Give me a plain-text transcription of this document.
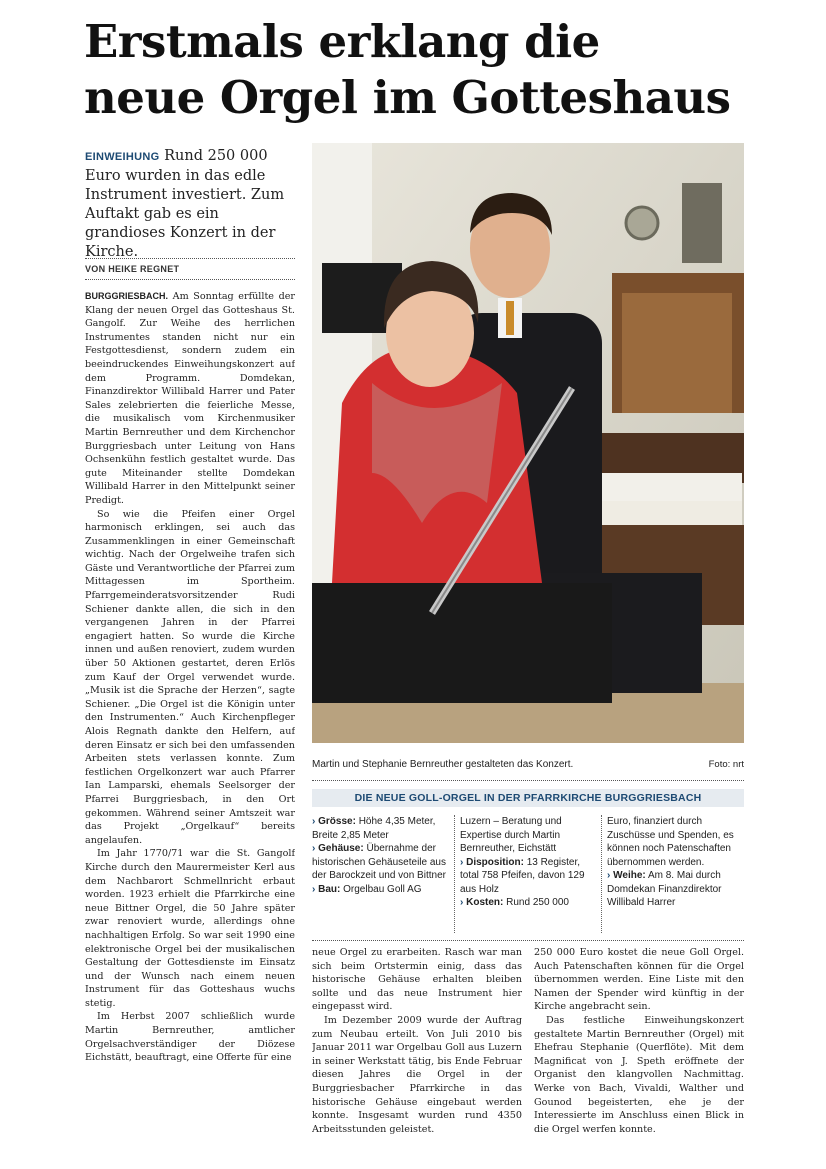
Erstmals erklang die
neue Orgel im Gotteshaus
EINWEIHUNG Rund 250 000 Euro wurden in das edle Instrument investiert. Zum Auftakt gab es ein grandioses Konzert in der Kirche.
VON HEIKE REGNET

BURGGRIESBACH. Am Sonntag erfüllte der Klang der neuen Orgel das Gotteshaus St. Gangolf. Zur Weihe des herrlichen Instrumentes standen nicht nur ein Festgottesdienst, sondern zudem ein beeindruckendes Einweihungskonzert auf dem Programm. Domdekan, Finanzdirektor Willibald Harrer und Pater Sales zelebrierten die feierliche Messe, die musikalisch vom Kirchenmusiker Martin Bernreuther und dem Kirchenchor Burggriesbach unter Leitung von Hans Ochsenkühn festlich gestaltet wurde. Das gute Miteinander stellte Domdekan Willibald Harrer in den Mittelpunkt seiner Predigt.

So wie die Pfeifen einer Orgel harmonisch erklingen, sei auch das Zusammenklingen in einer Gemeinschaft wichtig. Nach der Orgelweihe trafen sich Gäste und Verantwortliche der Pfarrei zum Mittagessen im Sportheim. Pfarrgemeinderatsvorsitzender Rudi Schiener dankte allen, die sich in den vergangenen Jahren in der Pfarrei engagiert hatten. So wurde die Kirche innen und außen renoviert, zudem wurden über 50 Aktionen gestartet, deren Erlös zum Kauf der Orgel verwendet wurde. „Musik ist die Sprache der Herzen“, sagte Schiener. „Die Orgel ist die Königin unter den Instrumenten.“ Auch Kirchenpfleger Alois Regnath dankte den Helfern, auf deren Einsatz er sich bei den umfassenden Arbeiten stets verlassen konnte. Zum festlichen Orgelkonzert war auch Pfarrer Ian Lamparski, ehemals Seelsorger der Pfarrei Burggriesbach, in den Ort gekommen. Während seiner Amtszeit war das Projekt „Orgelkauf“ bereits angelaufen.

Im Jahr 1770/71 war die St. Gangolf Kirche durch den Maurermeister Kerl aus dem Nachbarort Schmellnricht erbaut worden. 1923 erhielt die Pfarrkirche eine neue Bittner Orgel, die 50 Jahre später zwar renoviert wurde, allerdings ohne nachhaltigen Erfolg. So war seit 1990 eine elektronische Orgel bei der musikalischen Gestaltung der Gottesdienste im Einsatz und der Wunsch nach einem neuen Instrument für das Gotteshaus wuchs stetig.

Im Herbst 2007 schließlich wurde Martin Bernreuther, amtlicher Orgelsachverständiger der Diözese Eichstätt, beauftragt, eine Offerte für eine

Martin und Stephanie Bernreuther gestalteten das Konzert.	Foto: nrt
DIE NEUE GOLL-ORGEL IN DER PFARRKIRCHE BURGGRIESBACH
› Grösse: Höhe 4,35 Meter, Breite 2,85 Meter
› Gehäuse: Übernahme der historischen Gehäuseteile aus der Barockzeit und von Bittner
› Bau: Orgelbau Goll AG
Luzern – Beratung und Expertise durch Martin Bernreuther, Eichstätt
› Disposition: 13 Register, total 758 Pfeifen, davon 129 aus Holz
› Kosten: Rund 250 000
Euro, finanziert durch Zuschüsse und Spenden, es können noch Patenschaften übernommen werden.
› Weihe: Am 8. Mai durch Domdekan Finanzdirektor Willibald Harrer

neue Orgel zu erarbeiten. Rasch war man sich beim Ortstermin einig, dass das historische Gehäuse erhalten bleiben sollte und das neue Instrument hier eingepasst wird.

Im Dezember 2009 wurde der Auftrag zum Neubau erteilt. Von Juli 2010 bis Januar 2011 war Orgelbau Goll aus Luzern in seiner Werkstatt tätig, bis Ende Februar diesen Jahres die Orgel in der Burggriesbacher Pfarrkirche in das historische Gehäuse eingebaut werden konnte. Insgesamt wurden rund 4350 Arbeitsstunden geleistet.

250 000 Euro kostet die neue Goll Orgel. Auch Patenschaften können für die Orgel übernommen werden. Eine Liste mit den Namen der Spender wird künftig in der Kirche angebracht sein.

Das festliche Einweihungskonzert gestaltete Martin Bernreuther (Orgel) mit Ehefrau Stephanie (Querflöte). Mit dem Magnificat von J. Speth eröffnete der Organist den klangvollen Nachmittag. Werke von Bach, Vivaldi, Walther und Gounod begeisterten, ehe je der Interessierte im Anschluss einen Blick in die Orgel werfen konnte.
